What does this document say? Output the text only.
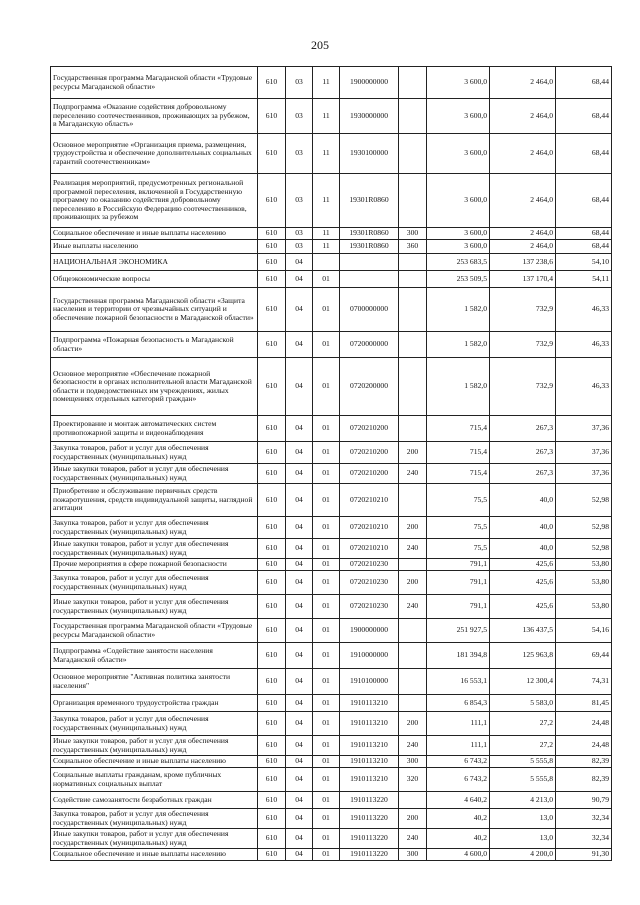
205
Государственная программа Магаданской области «Трудовые ресурсы Магаданской области»	610	03	11	1900000000		3 600,0	2 464,0	68,44
Подпрограмма «Оказание содействия добровольному переселению соотечественников, проживающих за рубежом, в Магаданскую область»	610	03	11	1930000000		3 600,0	2 464,0	68,44
Основное мероприятие «Организация приема, размещения, трудоустройства и обеспечение дополнительных социальных гарантий соотечественникам»	610	03	11	1930100000		3 600,0	2 464,0	68,44
Реализация мероприятий, предусмотренных региональной программой переселения, включенной в Государственную программу по оказанию содействия добровольному переселению в Российскую Федерацию соотечественников, проживающих за рубежом	610	03	11	19301R0860		3 600,0	2 464,0	68,44
Социальное обеспечение и иные выплаты населению	610	03	11	19301R0860	300	3 600,0	2 464,0	68,44
Иные выплаты населению	610	03	11	19301R0860	360	3 600,0	2 464,0	68,44
НАЦИОНАЛЬНАЯ ЭКОНОМИКА	610	04				253 683,5	137 238,6	54,10
Общеэкономические вопросы	610	04	01			253 509,5	137 170,4	54,11
Государственная программа Магаданской области «Защита населения и территории от чрезвычайных ситуаций и обеспечение пожарной безопасности в Магаданской области»	610	04	01	0700000000		1 582,0	732,9	46,33
Подпрограмма «Пожарная безопасность в Магаданской области»	610	04	01	0720000000		1 582,0	732,9	46,33
Основное мероприятие «Обеспечение пожарной безопасности в органах исполнительной власти Магаданской области и подведомственных им учреждениях, жилых помещениях отдельных категорий граждан»	610	04	01	0720200000		1 582,0	732,9	46,33
Проектирование и монтаж автоматических систем противопожарной защиты и видеонаблюдения	610	04	01	0720210200		715,4	267,3	37,36
Закупка товаров, работ и услуг для обеспечения государственных (муниципальных) нужд	610	04	01	0720210200	200	715,4	267,3	37,36
Иные закупки товаров, работ и услуг для обеспечения государственных (муниципальных) нужд	610	04	01	0720210200	240	715,4	267,3	37,36
Приобретение и обслуживание первичных средств пожаротушения, средств индивидуальной защиты, наглядной агитации	610	04	01	0720210210		75,5	40,0	52,98
Закупка товаров, работ и услуг для обеспечения государственных (муниципальных) нужд	610	04	01	0720210210	200	75,5	40,0	52,98
Иные закупки товаров, работ и услуг для обеспечения государственных (муниципальных) нужд	610	04	01	0720210210	240	75,5	40,0	52,98
Прочие мероприятия в сфере пожарной безопасности	610	04	01	0720210230		791,1	425,6	53,80
Закупка товаров, работ и услуг для обеспечения государственных (муниципальных) нужд	610	04	01	0720210230	200	791,1	425,6	53,80
Иные закупки товаров, работ и услуг для обеспечения государственных (муниципальных) нужд	610	04	01	0720210230	240	791,1	425,6	53,80
Государственная программа Магаданской области «Трудовые ресурсы Магаданской области»	610	04	01	1900000000		251 927,5	136 437,5	54,16
Подпрограмма «Содействие занятости населения Магаданской области»	610	04	01	1910000000		181 394,8	125 963,8	69,44
Основное мероприятие "Активная политика занятости населения"	610	04	01	1910100000		16 553,1	12 300,4	74,31
Организация временного трудоустройства граждан	610	04	01	1910113210		6 854,3	5 583,0	81,45
Закупка товаров, работ и услуг для обеспечения государственных (муниципальных) нужд	610	04	01	1910113210	200	111,1	27,2	24,48
Иные закупки товаров, работ и услуг для обеспечения государственных (муниципальных) нужд	610	04	01	1910113210	240	111,1	27,2	24,48
Социальное обеспечение и иные выплаты населению	610	04	01	1910113210	300	6 743,2	5 555,8	82,39
Социальные выплаты гражданам, кроме публичных нормативных социальных выплат	610	04	01	1910113210	320	6 743,2	5 555,8	82,39
Содействие самозанятости безработных граждан	610	04	01	1910113220		4 640,2	4 213,0	90,79
Закупка товаров, работ и услуг для обеспечения государственных (муниципальных) нужд	610	04	01	1910113220	200	40,2	13,0	32,34
Иные закупки товаров, работ и услуг для обеспечения государственных (муниципальных) нужд	610	04	01	1910113220	240	40,2	13,0	32,34
Социальное обеспечение и иные выплаты населению	610	04	01	1910113220	300	4 600,0	4 200,0	91,30
